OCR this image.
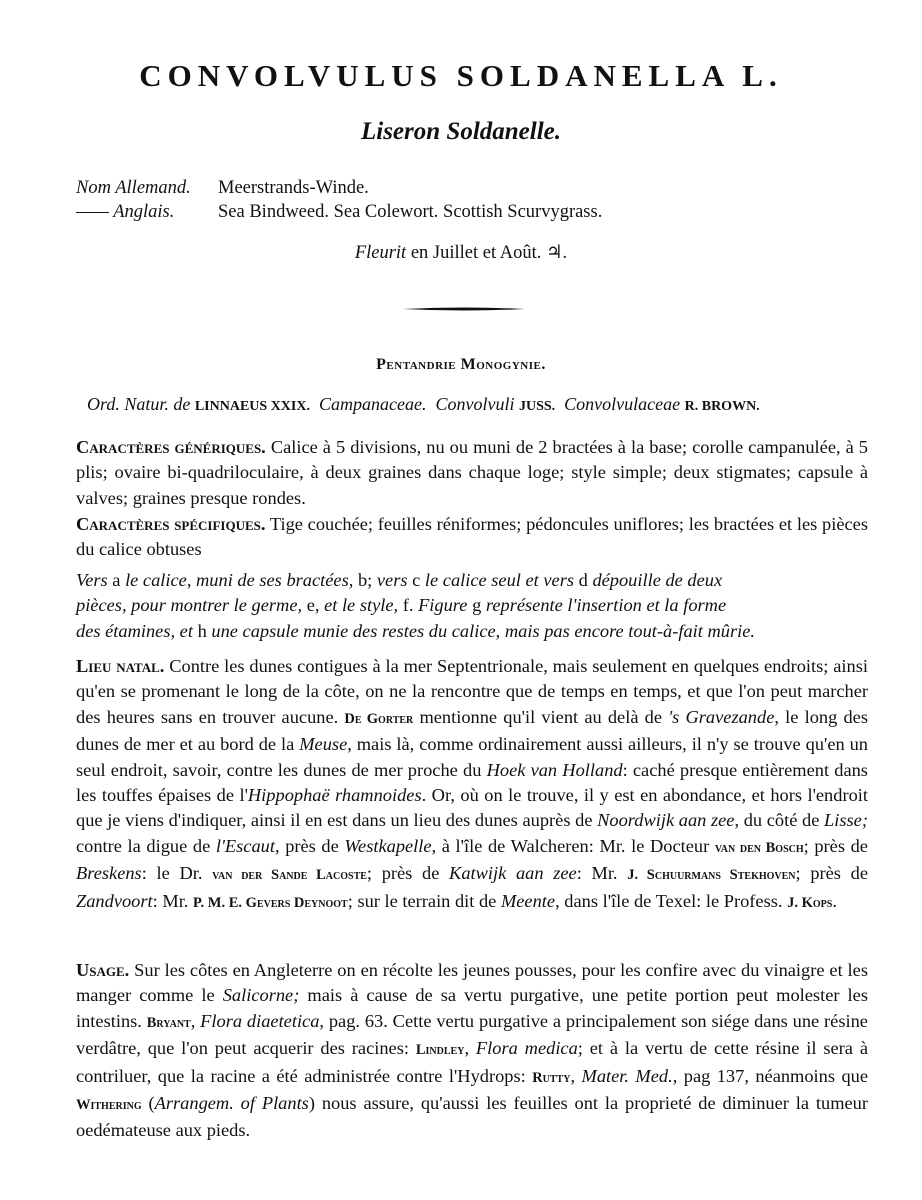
CONVOLVULUS SOLDANELLA L.
Liseron Soldanelle.
Nom Allemand. Meerstrands-Winde.
—— Anglais. Sea Bindweed. Sea Colewort. Scottish Scurvygrass.
Fleurit en Juillet et Août. ♃.
Pentandrie Monogynie.
Ord. Natur. de LINNAEUS XXIX. Campanaceae. Convolvuli JUSS. Convolvulaceae R. BROWN.
Caractères génériques. Calice à 5 divisions, nu ou muni de 2 bractées à la base; corolle campanulée, à 5 plis; ovaire bi-quadriloculaire, à deux graines dans chaque loge; style simple; deux stigmates; capsule à valves; graines presque rondes.
Caractères spécifiques. Tige couchée; feuilles réniformes; pédoncules uniflores; les bractées et les pièces du calice obtuses
Vers a le calice, muni de ses bractées, b; vers c le calice seul et vers d dépouille de deux
pièces, pour montrer le germe, e, et le style, f. Figure g représente l'insertion et la forme
des étamines, et h une capsule munie des restes du calice, mais pas encore tout-à-fait mûrie.
Lieu natal. Contre les dunes contigues à la mer Septentrionale, mais seulement en quelques endroits; ainsi qu'en se promenant le long de la côte, on ne la rencontre que de temps en temps, et que l'on peut marcher des heures sans en trouver aucune. De Gorter mentionne qu'il vient au delà de 's Gravezande, le long des dunes de mer et au bord de la Meuse, mais là, comme ordinairement aussi ailleurs, il n'y se trouve qu'en un seul endroit, savoir, contre les dunes de mer proche du Hoek van Holland: caché presque entièrement dans les touffes épaises de l'Hippophaë rhamnoides. Or, où on le trouve, il y est en abondance, et hors l'endroit que je viens d'indiquer, ainsi il en est dans un lieu des dunes auprès de Noordwijk aan zee, du côté de Lisse; contre la digue de l'Escaut, près de Westkapelle, à l'île de Walcheren: Mr. le Docteur van den Bosch; près de Breskens: le Dr. van der Sande Lacoste; près de Katwijk aan zee: Mr. J. Schuurmans Stekhoven; près de Zandvoort: Mr. P. M. E. Gevers Deynoot; sur le terrain dit de Meente, dans l'île de Texel: le Profess. J. Kops.
Usage. Sur les côtes en Angleterre on en récolte les jeunes pousses, pour les confire avec du vinaigre et les manger comme le Salicorne; mais à cause de sa vertu purgative, une petite portion peut molester les intestins. Bryant, Flora diaetetica, pag. 63. Cette vertu purgative a principalement son siége dans une résine verdâtre, que l'on peut acquerir des racines: Lindley, Flora medica; et à la vertu de cette résine il sera à contriluer, que la racine a été administrée contre l'Hydrops: Rutty, Mater. Med., pag 137, néanmoins que Withering (Arrangem. of Plants) nous assure, qu'aussi les feuilles ont la proprieté de diminuer la tumeur oedémateuse aux pieds.
